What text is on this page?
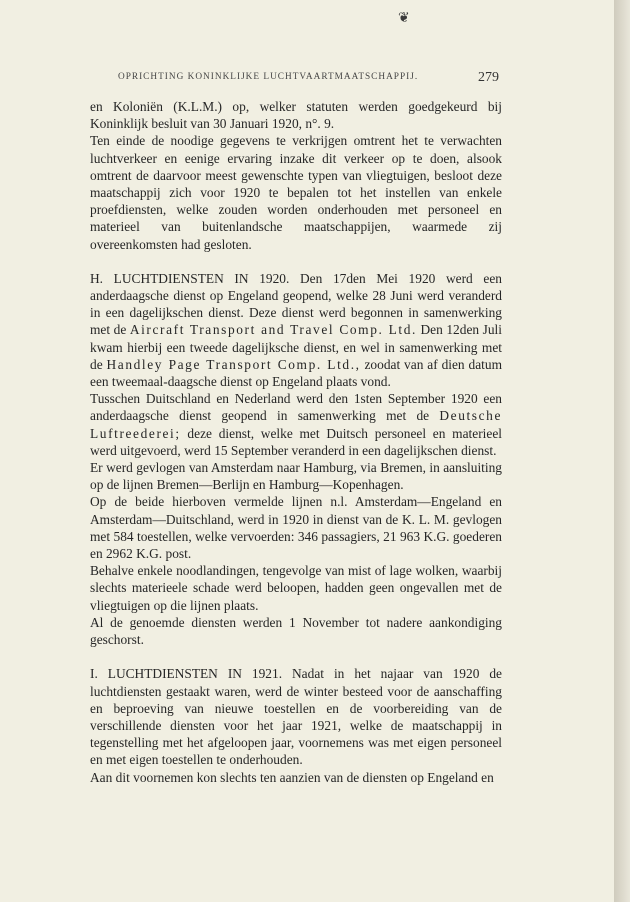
❦
OPRICHTING KONINKLIJKE LUCHTVAARTMAATSCHAPPIJ.	279

en Koloniën (K.L.M.) op, welker statuten werden goedgekeurd bij Koninklijk besluit van 30 Januari 1920, n°. 9.

Ten einde de noodige gegevens te verkrijgen omtrent het te verwachten luchtverkeer en eenige ervaring inzake dit verkeer op te doen, alsook omtrent de daarvoor meest gewenschte typen van vliegtuigen, besloot deze maatschappij zich voor 1920 te bepalen tot het instellen van enkele proefdiensten, welke zouden worden onderhouden met personeel en materieel van buitenlandsche maatschappijen, waarmede zij overeenkomsten had gesloten.

H. LUCHTDIENSTEN IN 1920. Den 17den Mei 1920 werd een anderdaagsche dienst op Engeland geopend, welke 28 Juni werd veranderd in een dagelijkschen dienst. Deze dienst werd begonnen in samenwerking met de Aircraft Transport and Travel Comp. Ltd. Den 12den Juli kwam hierbij een tweede dagelijksche dienst, en wel in samenwerking met de Handley Page Transport Comp. Ltd., zoodat van af dien datum een tweemaal-daagsche dienst op Engeland plaats vond.

Tusschen Duitschland en Nederland werd den 1sten September 1920 een anderdaagsche dienst geopend in samenwerking met de Deutsche Luftreederei; deze dienst, welke met Duitsch personeel en materieel werd uitgevoerd, werd 15 September veranderd in een dagelijkschen dienst.

Er werd gevlogen van Amsterdam naar Hamburg, via Bremen, in aansluiting op de lijnen Bremen—Berlijn en Hamburg—Kopenhagen.

Op de beide hierboven vermelde lijnen n.l. Amsterdam—Engeland en Amsterdam—Duitschland, werd in 1920 in dienst van de K. L. M. gevlogen met 584 toestellen, welke vervoerden: 346 passagiers, 21 963 K.G. goederen en 2962 K.G. post.

Behalve enkele noodlandingen, tengevolge van mist of lage wolken, waarbij slechts materieele schade werd beloopen, hadden geen ongevallen met de vliegtuigen op die lijnen plaats.

Al de genoemde diensten werden 1 November tot nadere aankondiging geschorst.

I. LUCHTDIENSTEN IN 1921. Nadat in het najaar van 1920 de luchtdiensten gestaakt waren, werd de winter besteed voor de aanschaffing en beproeving van nieuwe toestellen en de voorbereiding van de verschillende diensten voor het jaar 1921, welke de maatschappij in tegenstelling met het afgeloopen jaar, voornemens was met eigen personeel en met eigen toestellen te onderhouden.

Aan dit voornemen kon slechts ten aanzien van de diensten op Engeland en
